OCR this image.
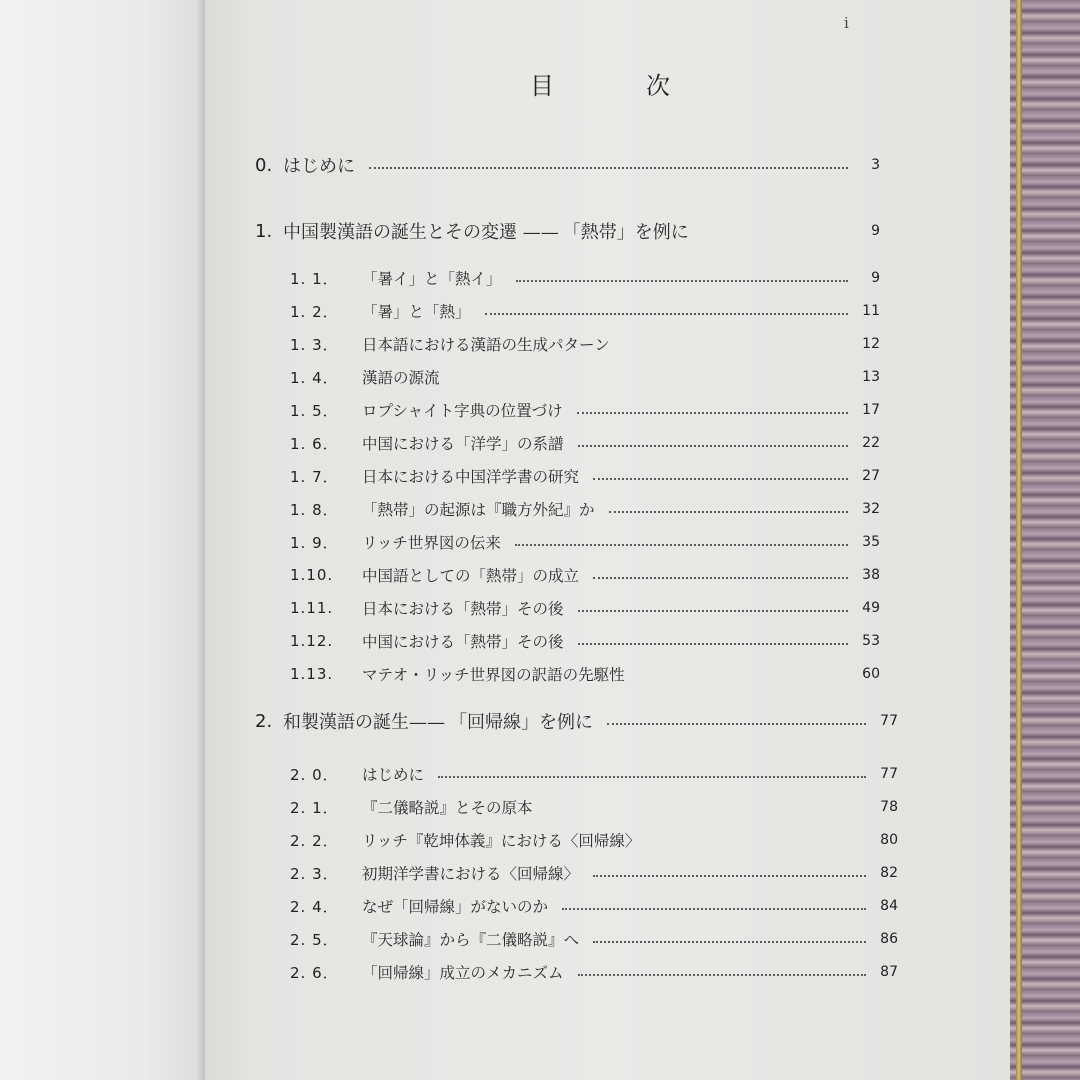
i
目　次
0. はじめに	3
1. 中国製漢語の誕生とその変遷 —— 「熱帯」を例に	9
1. 1．	「暑イ」と「熱イ」	9
1. 2．	「暑」と「熱」	11
1. 3．	日本語における漢語の生成パターン	12
1. 4．	漢語の源流	13
1. 5．	ロプシャイト字典の位置づけ	17
1. 6．	中国における「洋学」の系譜	22
1. 7．	日本における中国洋学書の研究	27
1. 8．	「熱帯」の起源は『職方外紀』か	32
1. 9．	リッチ世界図の伝来	35
1.10.	中国語としての「熱帯」の成立	38
1.11.	日本における「熱帯」その後	49
1.12.	中国における「熱帯」その後	53
1.13.	マテオ・リッチ世界図の訳語の先駆性	60
2. 和製漢語の誕生—— 「回帰線」を例に	77
2. 0．	はじめに	77
2. 1．	『二儀略説』とその原本	78
2. 2．	リッチ『乾坤体義』における〈回帰線〉	80
2. 3．	初期洋学書における〈回帰線〉	82
2. 4．	なぜ「回帰線」がないのか	84
2. 5．	『天球論』から『二儀略説』へ	86
2. 6．	「回帰線」成立のメカニズム	87
